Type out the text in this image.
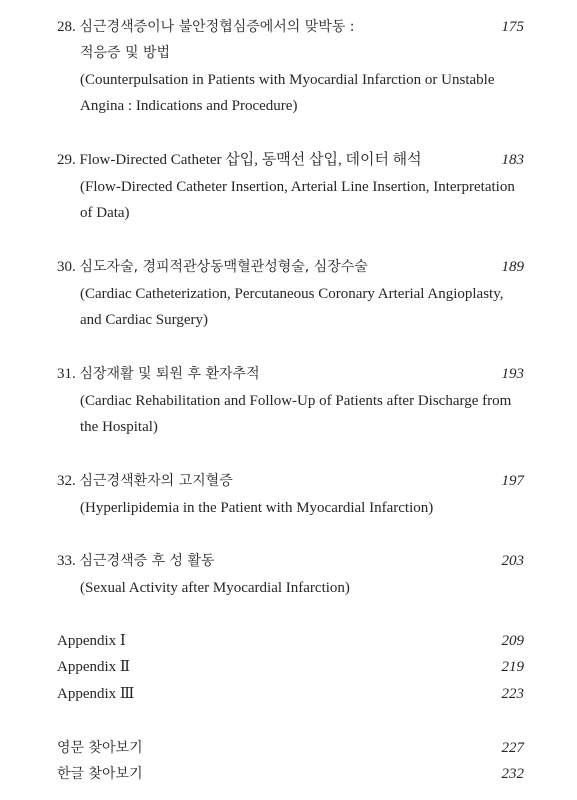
28. 심근경색증이나 불안정협심증에서의 맞박동 :	175
적응증 및 방법
(Counterpulsation in Patients with Myocardial Infarction or Unstable
Angina : Indications and Procedure)
29. Flow-Directed Catheter 삽입, 동맥선 삽입, 데이터 해석	183
(Flow-Directed Catheter Insertion, Arterial Line Insertion, Interpretation
of Data)
30. 심도자술, 경피적관상동맥혈관성형술, 심장수술	189
(Cardiac Catheterization, Percutaneous Coronary Arterial Angioplasty,
and Cardiac Surgery)
31. 심장재활 및 퇴원 후 환자추적	193
(Cardiac Rehabilitation and Follow-Up of Patients after Discharge from
the Hospital)
32. 심근경색환자의 고지혈증	197
(Hyperlipidemia in the Patient with Myocardial Infarction)
33. 심근경색증 후 성 활동	203
(Sexual Activity after Myocardial Infarction)
Appendix Ⅰ	209
Appendix Ⅱ	219
Appendix Ⅲ	223
영문 찾아보기	227
한글 찾아보기	232
